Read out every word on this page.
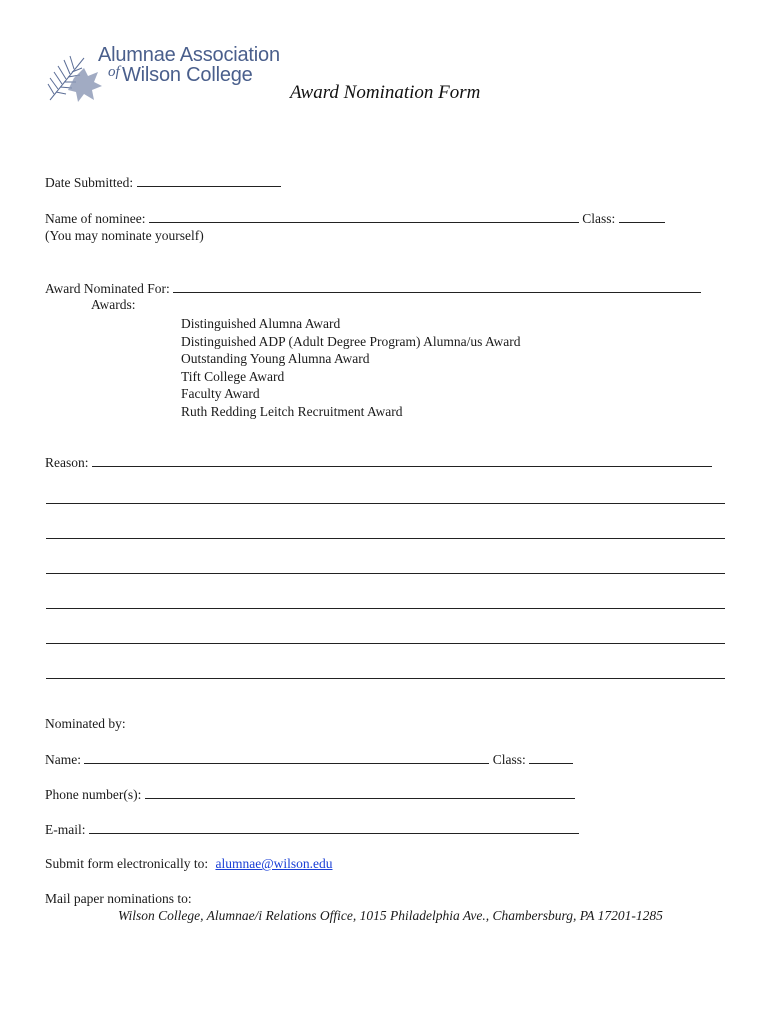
Alumnae Association
of Wilson College
Award Nomination Form
Date Submitted:
Name of nominee:	Class:
(You may nominate yourself)
Award Nominated For:
Awards:
Distinguished Alumna Award
Distinguished ADP (Adult Degree Program) Alumna/us Award
Outstanding Young Alumna Award
Tift College Award
Faculty Award
Ruth Redding Leitch Recruitment Award
Reason:
Nominated by:
Name:	Class:
Phone number(s):
E-mail:
Submit form electronically to: alumnae@wilson.edu
Mail paper nominations to:
Wilson College, Alumnae/i Relations Office, 1015 Philadelphia Ave., Chambersburg, PA 17201-1285
